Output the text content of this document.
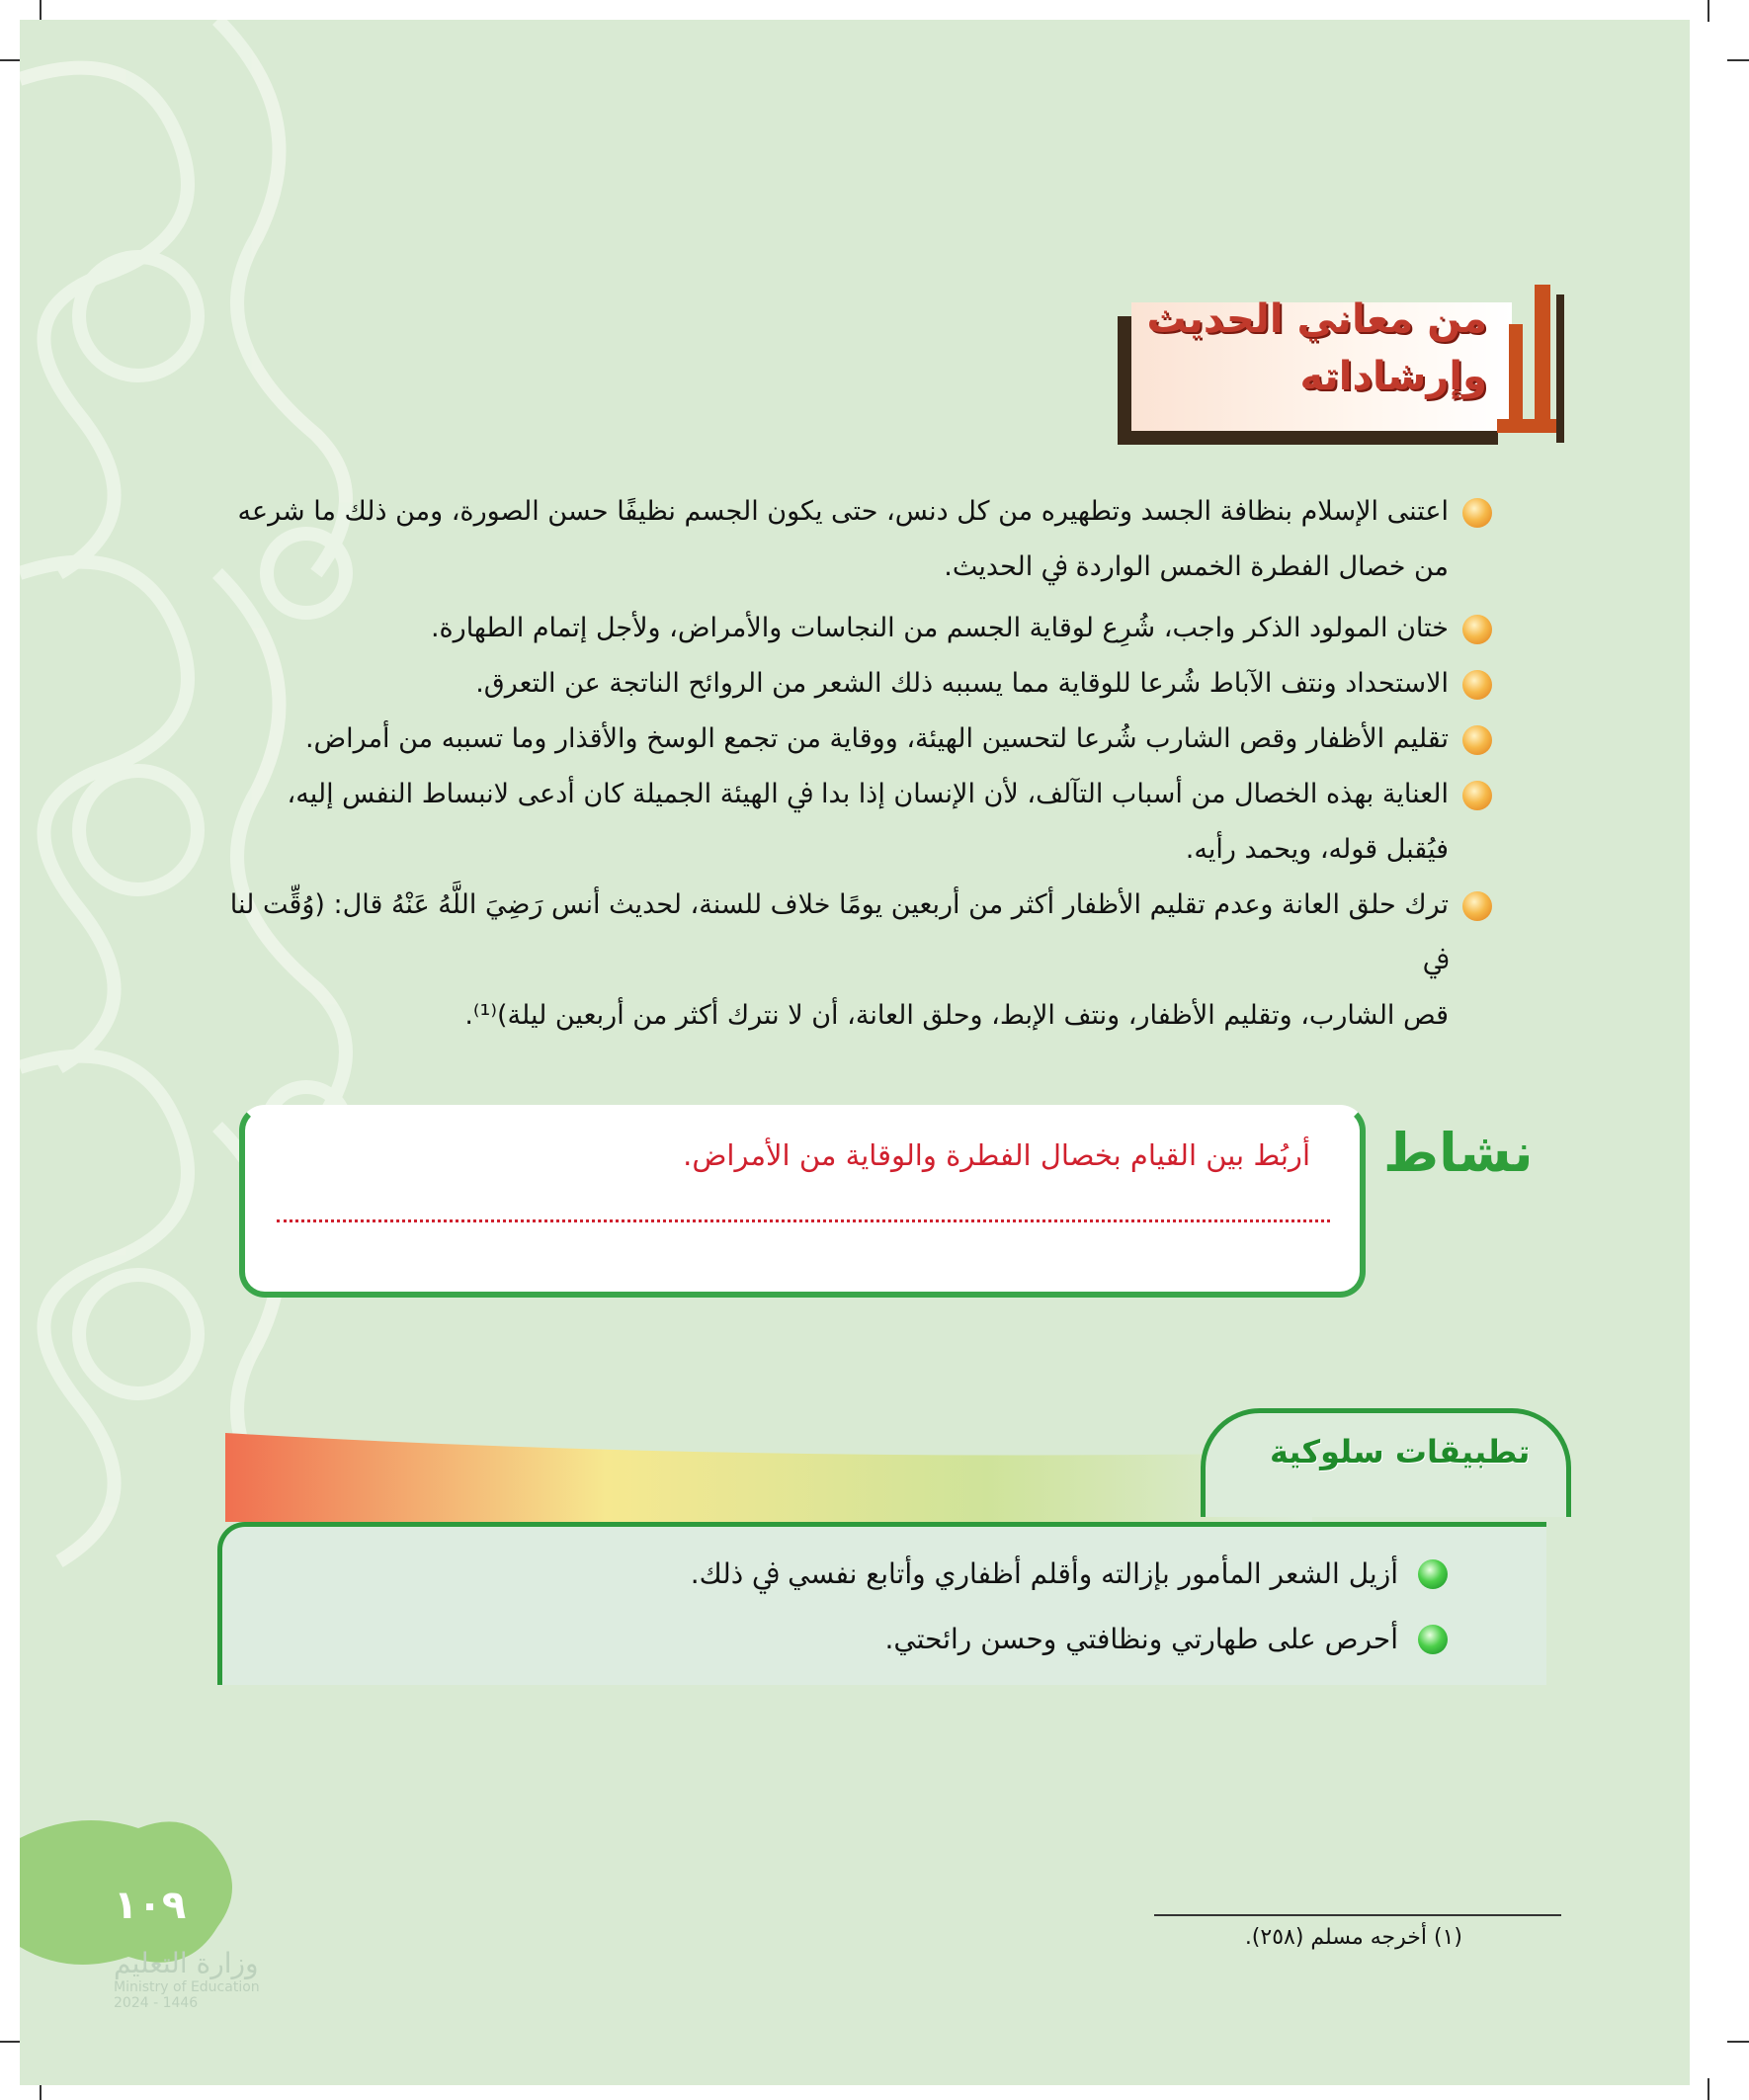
من معاني الحديث
وإرشاداته

اعتنى الإسلام بنظافة الجسد وتطهيره من كل دنس، حتى يكون الجسم نظيفًا حسن الصورة، ومن ذلك ما شرعه

من خصال الفطرة الخمس الواردة ﰲ الحديث.

ختان المولود الذكر واجب، شُرِع لوقاية الجسم من النجاسات والأمراض، ولأجل إتمام الطهارة.

الاستحداد ونتف الآباط شُرعا للوقاية مما يسببه ذلك الشعر من الروائح الناتجة عن التعرق.

تقليم الأظفار وقص الشارب شُرعا لتحسين الهيئة، ووقاية من تجمع الوسخ والأقذار وما تسببه من أمراض.

العناية بهذه الخصال من أسباب التآلف، لأن الإنسان إذا بدا ﰲ الهيئة الجميلة كان أدعى لانبساط النفس إليه،

فيُقبل قوله، ويحمد رأيه.

ترك حلق العانة وعدم تقليم الأظفار أكثر من أربعين يومًا خلاف للسنة، لحديث أنس رَضِيَ اللَّهُ عَنْهُ قال: (وُقِّت لنا ﰲ

قص الشارب، وتقليم الأظفار، ونتف الإبط، وحلق العانة، أن لا نترك أكثر من أربعين ليلة)⁽¹⁾.

نشاط
أربُط بين القيام بخصال الفطرة والوقاية من الأمراض.
تطبيقات سلوكية

أزيل الشعر المأمور بإزالته وأقلم أظفاري وأتابع نفسي ﰲ ذلك.

أحرص على طهارتي ونظافتي وحسن رائحتي.

١٠٩
(١) أخرجه مسلم (٢٥٨).
وزارة التعليم
Ministry of Education
2024 - 1446
